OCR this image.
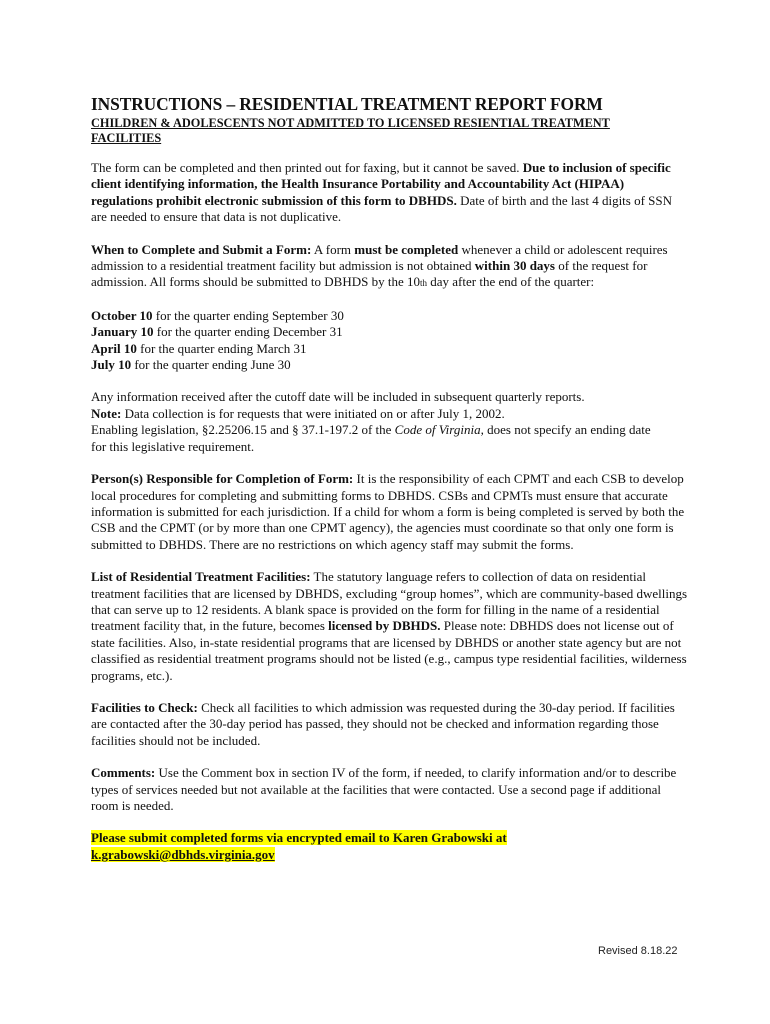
INSTRUCTIONS – RESIDENTIAL TREATMENT REPORT FORM
CHILDREN & ADOLESCENTS NOT ADMITTED TO LICENSED RESIENTIAL TREATMENT FACILITIES

The form can be completed and then printed out for faxing, but it cannot be saved. Due to inclusion of specific client identifying information, the Health Insurance Portability and Accountability Act (HIPAA) regulations prohibit electronic submission of this form to DBHDS. Date of birth and the last 4 digits of SSN are needed to ensure that data is not duplicative.

When to Complete and Submit a Form: A form must be completed whenever a child or adolescent requires admission to a residential treatment facility but admission is not obtained within 30 days of the request for admission. All forms should be submitted to DBHDS by the 10th day after the end of the quarter:

October 10 for the quarter ending September 30
January 10 for the quarter ending December 31
April 10 for the quarter ending March 31
July 10 for the quarter ending June 30

Any information received after the cutoff date will be included in subsequent quarterly reports.
Note: Data collection is for requests that were initiated on or after July 1, 2002.
Enabling legislation, §2.25206.15 and § 37.1-197.2 of the Code of Virginia, does not specify an ending date for this legislative requirement.

Person(s) Responsible for Completion of Form: It is the responsibility of each CPMT and each CSB to develop local procedures for completing and submitting forms to DBHDS. CSBs and CPMTs must ensure that accurate information is submitted for each jurisdiction. If a child for whom a form is being completed is served by both the CSB and the CPMT (or by more than one CPMT agency), the agencies must coordinate so that only one form is submitted to DBHDS. There are no restrictions on which agency staff may submit the forms.

List of Residential Treatment Facilities: The statutory language refers to collection of data on residential treatment facilities that are licensed by DBHDS, excluding “group homes”, which are community-based dwellings that can serve up to 12 residents. A blank space is provided on the form for filling in the name of a residential treatment facility that, in the future, becomes licensed by DBHDS. Please note: DBHDS does not license out of state facilities. Also, in-state residential programs that are licensed by DBHDS or another state agency but are not classified as residential treatment programs should not be listed (e.g., campus type residential facilities, wilderness programs, etc.).

Facilities to Check: Check all facilities to which admission was requested during the 30-day period. If facilities are contacted after the 30-day period has passed, they should not be checked and information regarding those facilities should not be included.

Comments: Use the Comment box in section IV of the form, if needed, to clarify information and/or to describe types of services needed but not available at the facilities that were contacted. Use a second page if additional room is needed.

Please submit completed forms via encrypted email to Karen Grabowski at
k.grabowski@dbhds.virginia.gov

Revised 8.18.22
